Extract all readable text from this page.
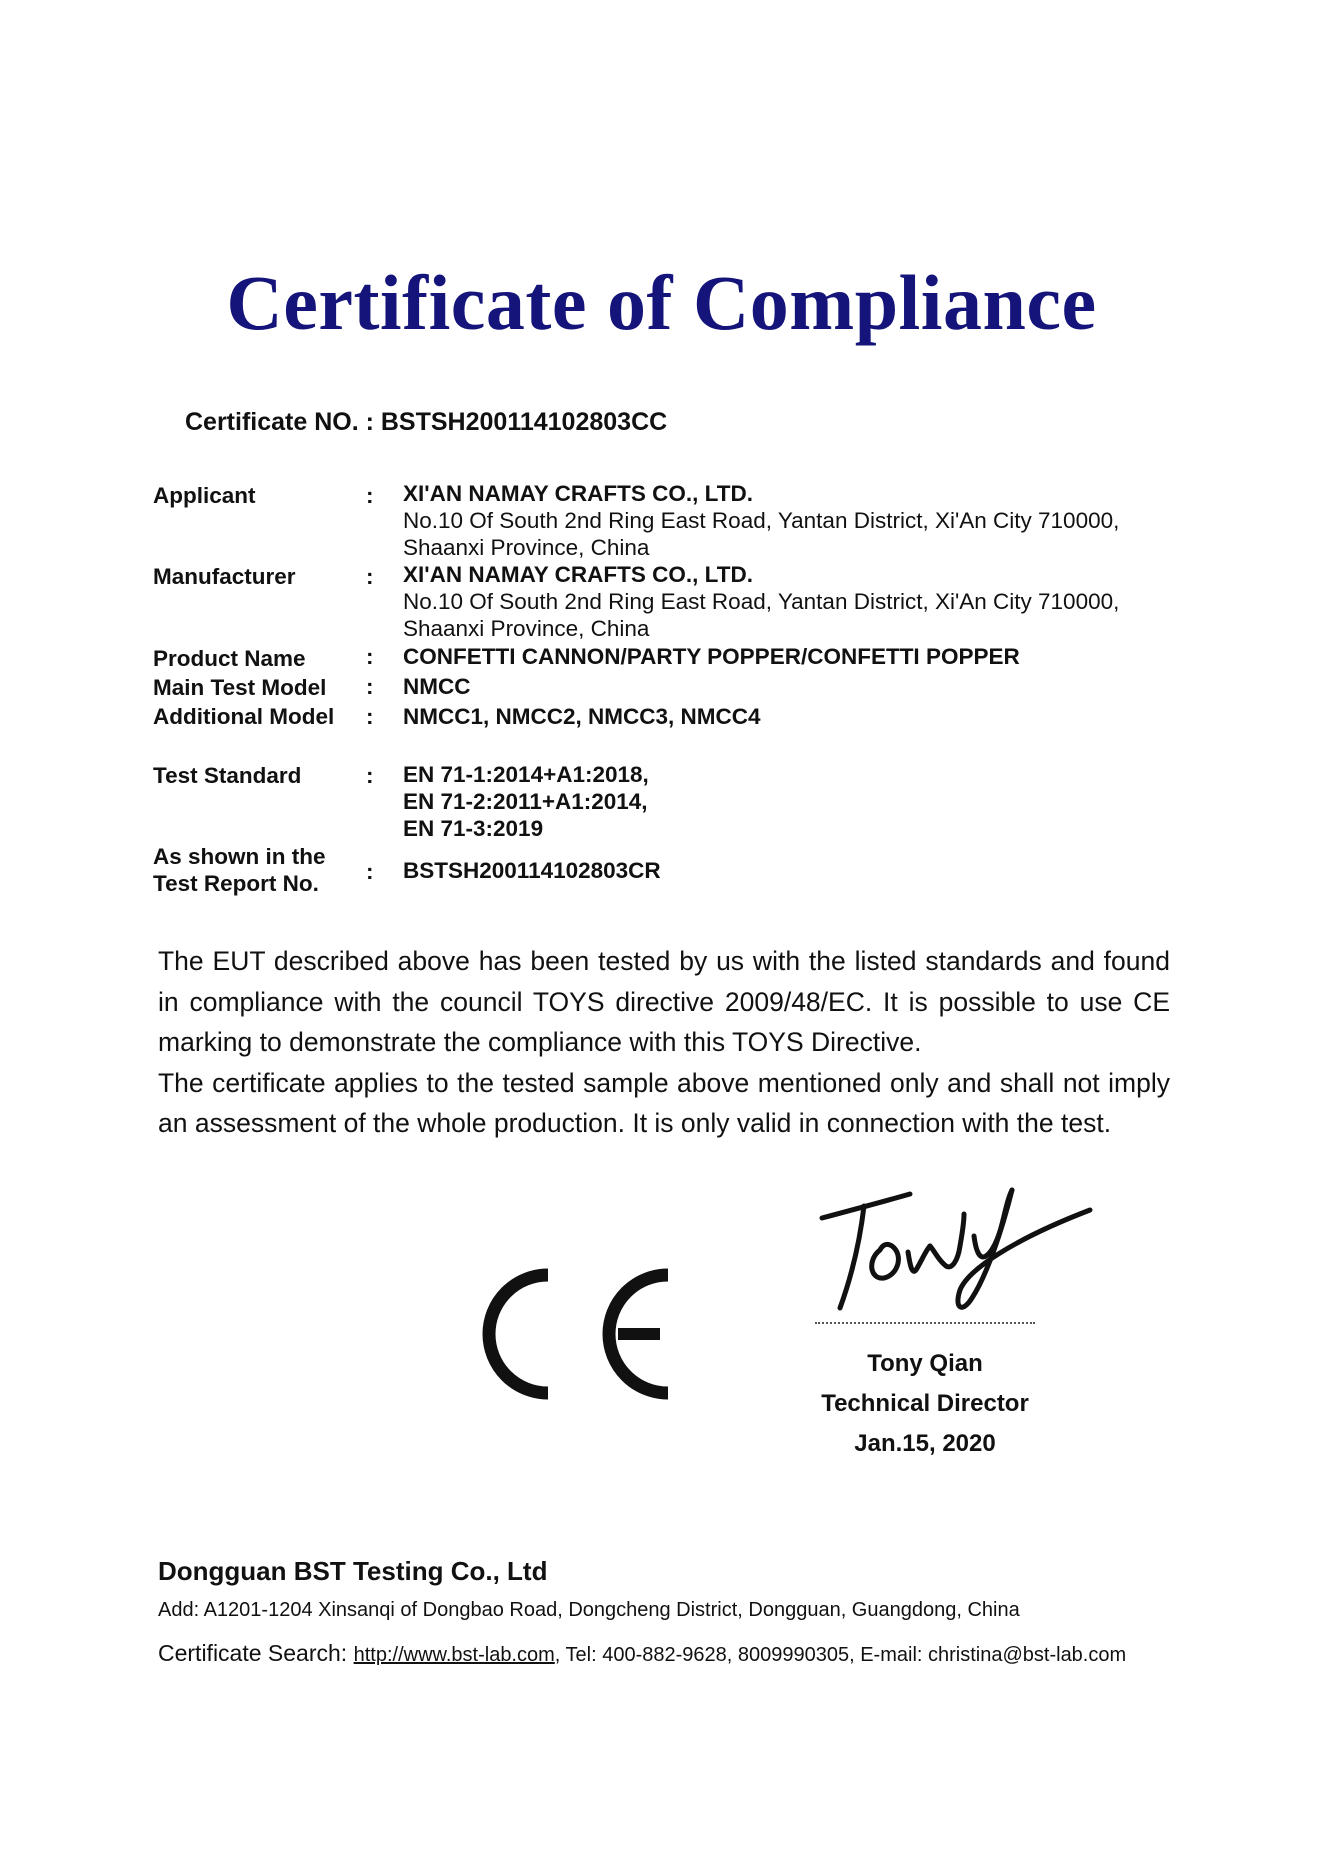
Certificate of Compliance
Certificate NO. : BSTSH200114102803CC
Applicant	: XI'AN NAMAY CRAFTS CO., LTD.
No.10 Of South 2nd Ring East Road, Yantan District, Xi'An City 710000,
Shaanxi Province, China
Manufacturer	: XI'AN NAMAY CRAFTS CO., LTD.
No.10 Of South 2nd Ring East Road, Yantan District, Xi'An City 710000,
Shaanxi Province, China
Product Name	: CONFETTI CANNON/PARTY POPPER/CONFETTI POPPER
Main Test Model	: NMCC
Additional Model	: NMCC1, NMCC2, NMCC3, NMCC4
Test Standard	: EN 71-1:2014+A1:2018,
EN 71-2:2011+A1:2014,
EN 71-3:2019
As shown in the
Test Report No.	: BSTSH200114102803CR

The EUT described above has been tested by us with the listed standards and found in compliance with the council TOYS directive 2009/48/EC. It is possible to use CE marking to demonstrate the compliance with this TOYS Directive.

The certificate applies to the tested sample above mentioned only and shall not imply an assessment of the whole production. It is only valid in connection with the test.

Tony Qian
Technical Director
Jan.15, 2020
Dongguan BST Testing Co., Ltd
Add: A1201-1204 Xinsanqi of Dongbao Road, Dongcheng District, Dongguan, Guangdong, China
Certificate Search: http://www.bst-lab.com, Tel: 400-882-9628, 8009990305, E-mail: christina@bst-lab.com
